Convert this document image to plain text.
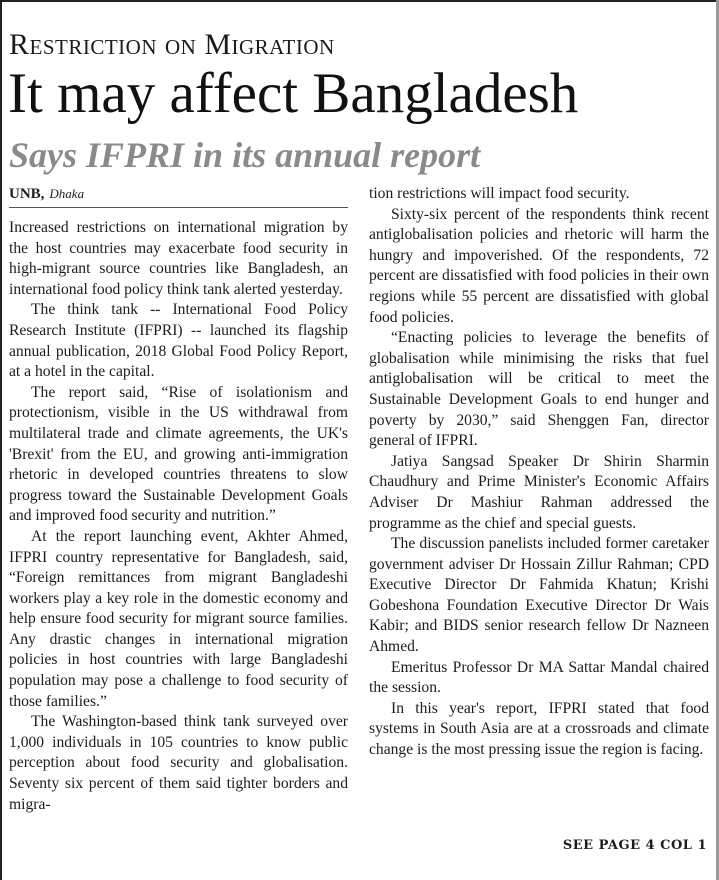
Restriction on Migration
It may affect Bangladesh
Says IFPRI in its annual report
UNB, Dhaka

Increased restrictions on international migration by the host countries may exacerbate food security in high-migrant source countries like Bangladesh, an international food policy think tank alerted yesterday.

The think tank -- International Food Policy Research Institute (IFPRI) -- launched its flagship annual publication, 2018 Global Food Policy Report, at a hotel in the capital.

The report said, “Rise of isolationism and protectionism, visible in the US withdrawal from multilateral trade and climate agreements, the UK's 'Brexit' from the EU, and growing anti-immigration rhetoric in developed countries threatens to slow progress toward the Sustainable Development Goals and improved food security and nutrition.”

At the report launching event, Akhter Ahmed, IFPRI country representative for Bangladesh, said, “Foreign remittances from migrant Bangladeshi workers play a key role in the domestic economy and help ensure food security for migrant source families. Any drastic changes in international migration policies in host countries with large Bangladeshi population may pose a challenge to food security of those families.”

The Washington-based think tank surveyed over 1,000 individuals in 105 countries to know public perception about food security and globalisation. Seventy six percent of them said tighter borders and migra-

tion restrictions will impact food security.

Sixty-six percent of the respondents think recent antiglobalisation policies and rhetoric will harm the hungry and impoverished. Of the respondents, 72 percent are dissatisfied with food policies in their own regions while 55 percent are dissatisfied with global food policies.

“Enacting policies to leverage the benefits of globalisation while minimising the risks that fuel antiglobalisation will be critical to meet the Sustainable Development Goals to end hunger and poverty by 2030,” said Shenggen Fan, director general of IFPRI.

Jatiya Sangsad Speaker Dr Shirin Sharmin Chaudhury and Prime Minister's Economic Affairs Adviser Dr Mashiur Rahman addressed the programme as the chief and special guests.

The discussion panelists included former caretaker government adviser Dr Hossain Zillur Rahman; CPD Executive Director Dr Fahmida Khatun; Krishi Gobeshona Foundation Executive Director Dr Wais Kabir; and BIDS senior research fellow Dr Nazneen Ahmed.

Emeritus Professor Dr MA Sattar Mandal chaired the session.

In this year's report, IFPRI stated that food systems in South Asia are at a crossroads and climate change is the most pressing issue the region is facing.

SEE PAGE 4 COL 1
